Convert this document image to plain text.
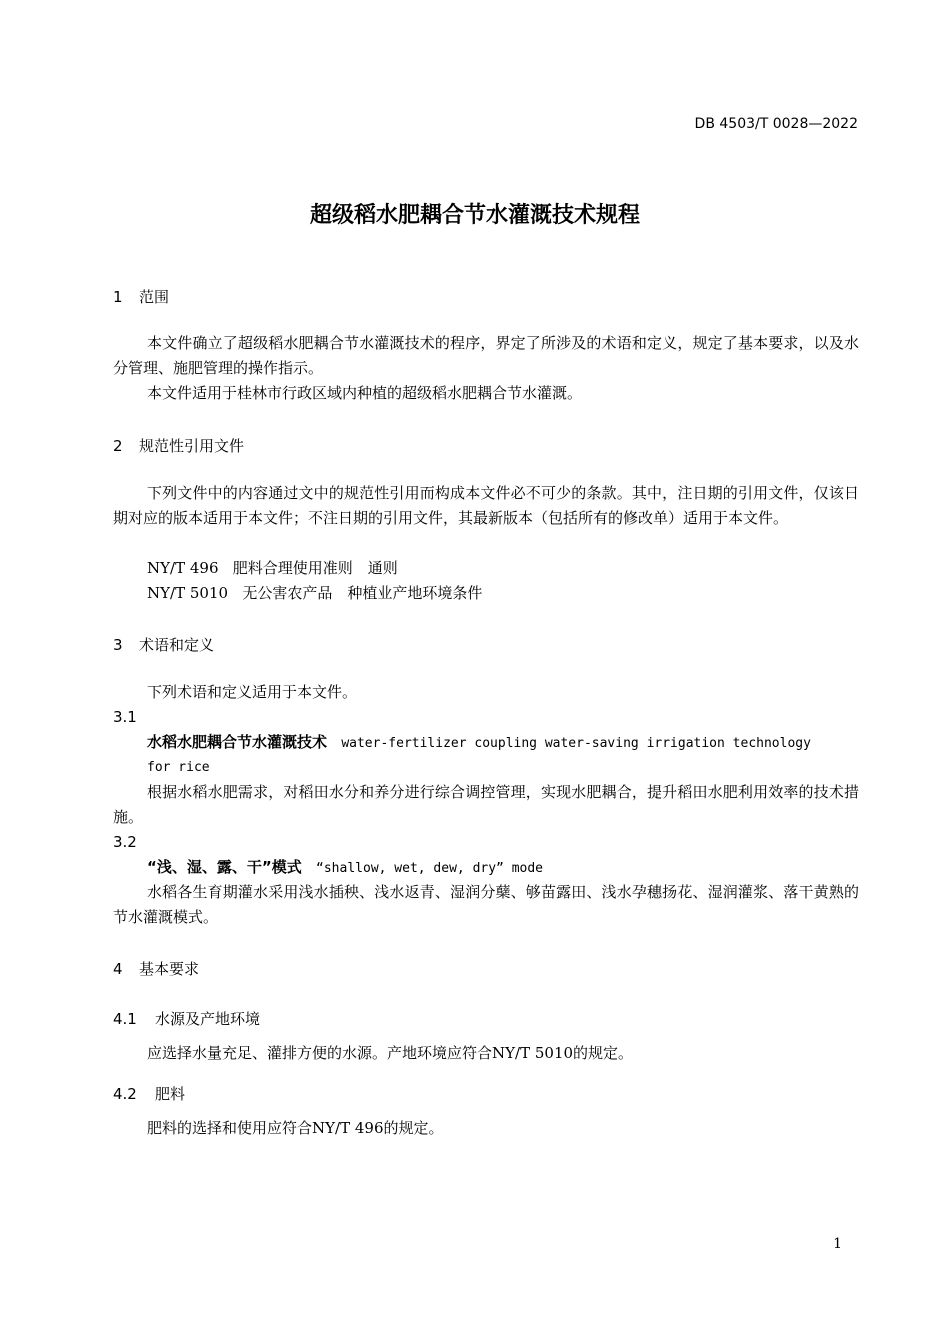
DB 4503/T 0028—2022
超级稻水肥耦合节水灌溉技术规程
1 范围
本文件确立了超级稻水肥耦合节水灌溉技术的程序，界定了所涉及的术语和定义，规定了基本要求，以及水分管理、施肥管理的操作指示。
本文件适用于桂林市行政区域内种植的超级稻水肥耦合节水灌溉。
2 规范性引用文件
下列文件中的内容通过文中的规范性引用而构成本文件必不可少的条款。其中，注日期的引用文件，仅该日期对应的版本适用于本文件；不注日期的引用文件，其最新版本（包括所有的修改单）适用于本文件。
NY/T 496 肥料合理使用准则　通则
NY/T 5010 无公害农产品　种植业产地环境条件
3 术语和定义
下列术语和定义适用于本文件。
3.1
水稻水肥耦合节水灌溉技术 water-fertilizer coupling water-saving irrigation technology
for rice
根据水稻水肥需求，对稻田水分和养分进行综合调控管理，实现水肥耦合，提升稻田水肥利用效率的技术措施。
3.2
“浅、湿、露、干”模式 “shallow, wet, dew, dry” mode
水稻各生育期灌水采用浅水插秧、浅水返青、湿润分蘖、够苗露田、浅水孕穗扬花、湿润灌浆、落干黄熟的节水灌溉模式。
4 基本要求
4.1 水源及产地环境
应选择水量充足、灌排方便的水源。产地环境应符合NY/T 5010的规定。
4.2 肥料
肥料的选择和使用应符合NY/T 496的规定。
1
